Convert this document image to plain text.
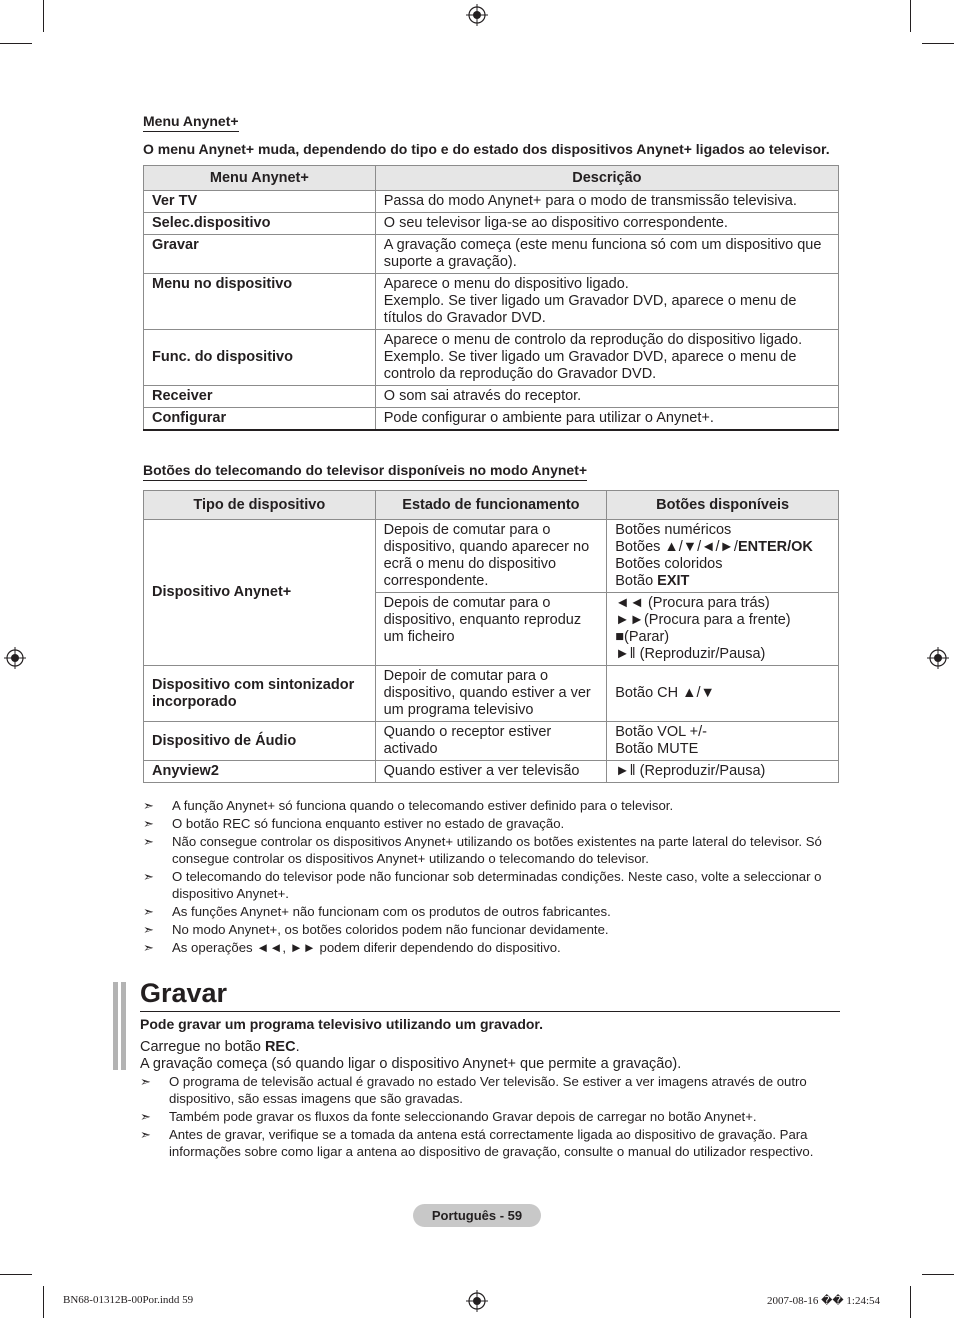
Menu Anynet+
O menu Anynet+ muda, dependendo do tipo e do estado dos dispositivos Anynet+ ligados ao televisor.
Menu Anynet+	Descrição
Ver TV	Passa do modo Anynet+ para o modo de transmissão televisiva.
Selec.dispositivo	O seu televisor liga-se ao dispositivo correspondente.
Gravar	A gravação começa (este menu funciona só com um dispositivo que suporte a gravação).
Menu no dispositivo	Aparece o menu do dispositivo ligado.
Exemplo. Se tiver ligado um Gravador DVD, aparece o menu de títulos do Gravador DVD.
Func. do dispositivo	Aparece o menu de controlo da reprodução do dispositivo ligado.
Exemplo. Se tiver ligado um Gravador DVD, aparece o menu de controlo da reprodução do Gravador DVD.
Receiver	O som sai através do receptor.
Configurar	Pode configurar o ambiente para utilizar o Anynet+.
Botões do telecomando do televisor disponíveis no modo Anynet+
Tipo de dispositivo	Estado de funcionamento	Botões disponíveis
Dispositivo Anynet+	Depois de comutar para o dispositivo, quando aparecer no ecrã o menu do dispositivo correspondente.	Botões numéricos
Botões ▲/▼/◄/►/ENTER/OK
Botões coloridos
Botão EXIT

	Depois de comutar para o dispositivo, enquanto reproduz um ficheiro	◄◄ (Procura para trás)
►►(Procura para a frente)
■(Parar)
►‖ (Reproduzir/Pausa)

Dispositivo com sintonizador incorporado	Depoir de comutar para o dispositivo, quando estiver a ver um programa televisivo	Botão CH ▲/▼
Dispositivo de Áudio	Quando o receptor estiver activado	Botão VOL +/-
Botão MUTE

Anyview2	Quando estiver a ver televisão	►‖ (Reproduzir/Pausa)
➣ A função Anynet+ só funciona quando o telecomando estiver definido para o televisor.
➣ O botão REC só funciona enquanto estiver no estado de gravação.
➣ Não consegue controlar os dispositivos Anynet+ utilizando os botões existentes na parte lateral do televisor. Só consegue controlar os dispositivos Anynet+ utilizando o telecomando do televisor.
➣ O telecomando do televisor pode não funcionar sob determinadas condições. Neste caso, volte a seleccionar o dispositivo Anynet+.
➣ As funções Anynet+ não funcionam com os produtos de outros fabricantes.
➣ No modo Anynet+, os botões coloridos podem não funcionar devidamente.
➣ As operações ◄◄, ►► podem diferir dependendo do dispositivo.
Gravar
Pode gravar um programa televisivo utilizando um gravador.
Carregue no botão REC.
A gravação começa (só quando ligar o dispositivo Anynet+ que permite a gravação).
➣ O programa de televisão actual é gravado no estado Ver televisão. Se estiver a ver imagens através de outro dispositivo, são essas imagens que são gravadas.
➣ Também pode gravar os fluxos da fonte seleccionando Gravar depois de carregar no botão Anynet+.
➣ Antes de gravar, verifique se a tomada da antena está correctamente ligada ao dispositivo de gravação. Para informações sobre como ligar a antena ao dispositivo de gravação, consulte o manual do utilizador respectivo.
Português - 59
BN68-01312B-00Por.indd 59	2007-08-16 �� 1:24:54
